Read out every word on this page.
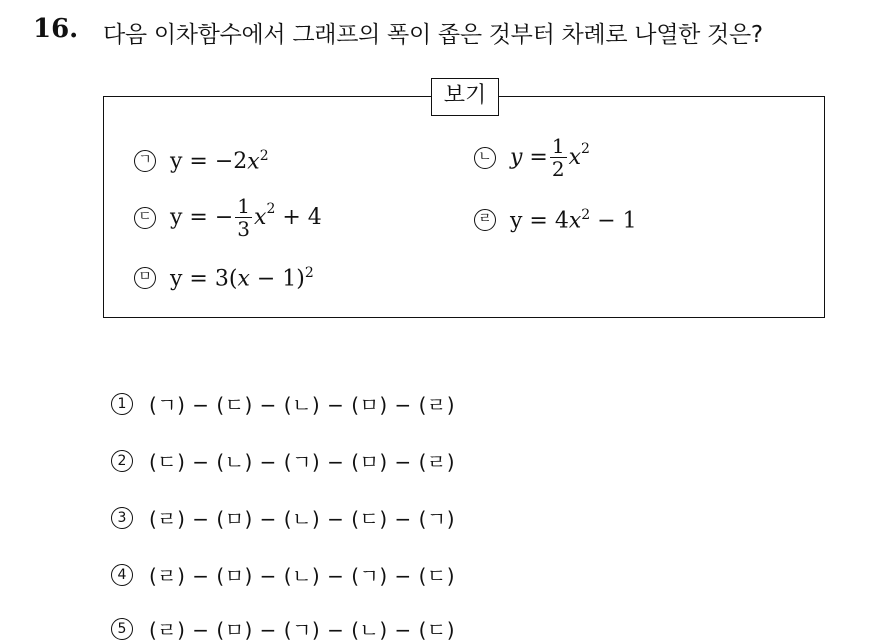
16. 다음 이차함수에서 그래프의 폭이 좁은 것부터 차례로 나열한 것은?
보기
ㄱ $y = -2x^2$	ㄴ $y = \frac{1}{2} x^2$
ㄷ y = − $\frac{1}{3} x^2 + 4$	ㄹ $y = 4x^2 - 1$
ㅁ $y = 3(x - 1)^2$
1	(ㄱ) − (ㄷ) − (ㄴ) − (ㅁ) − (ㄹ)
2	(ㄷ) − (ㄴ) − (ㄱ) − (ㅁ) − (ㄹ)
3	(ㄹ) − (ㅁ) − (ㄴ) − (ㄷ) − (ㄱ)
4	(ㄹ) − (ㅁ) − (ㄴ) − (ㄱ) − (ㄷ)
5	(ㄹ) − (ㅁ) − (ㄱ) − (ㄴ) − (ㄷ)
